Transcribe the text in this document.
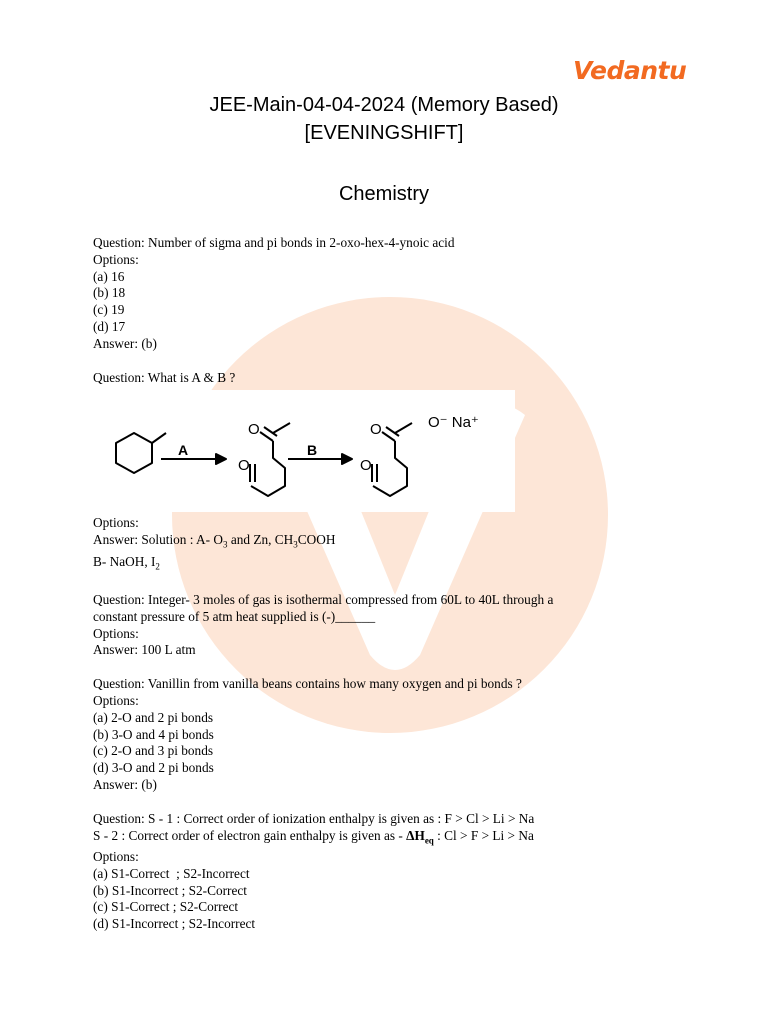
Vedantu
JEE-Main-04-04-2024 (Memory Based)
[EVENINGSHIFT]
Chemistry
Question: Number of sigma and pi bonds in 2-oxo-hex-4-ynoic acid
Options:
(a) 16
(b) 18
(c) 19
(d) 17
Answer: (b)
Question: What is A & B ?
A	B
O
O
O
O
O⁻ Na⁺
Options:
Answer: Solution : A- $O_3$ and Zn, $CH_3COOH$
B- NaOH, $I_2$
Question: Integer- 3 moles of gas is isothermal compressed from 60L to 40L through a
constant pressure of 5 atm heat supplied is (-)______
Options:
Answer: 100 L atm
Question: Vanillin from vanilla beans contains how many oxygen and pi bonds ?
Options:
(a) 2-O and 2 pi bonds
(b) 3-O and 4 pi bonds
(c) 2-O and 3 pi bonds
(d) 3-O and 2 pi bonds
Answer: (b)
Question: S - 1 : Correct order of ionization enthalpy is given as : F > Cl > Li > Na
S - 2 : Correct order of electron gain enthalpy is given as - $\Delta H_{eq}$ : Cl > F > Li > Na
Options:
(a) S1-Correct  ; S2-Incorrect
(b) S1-Incorrect ; S2-Correct
(c) S1-Correct ; S2-Correct
(d) S1-Incorrect ; S2-Incorrect
